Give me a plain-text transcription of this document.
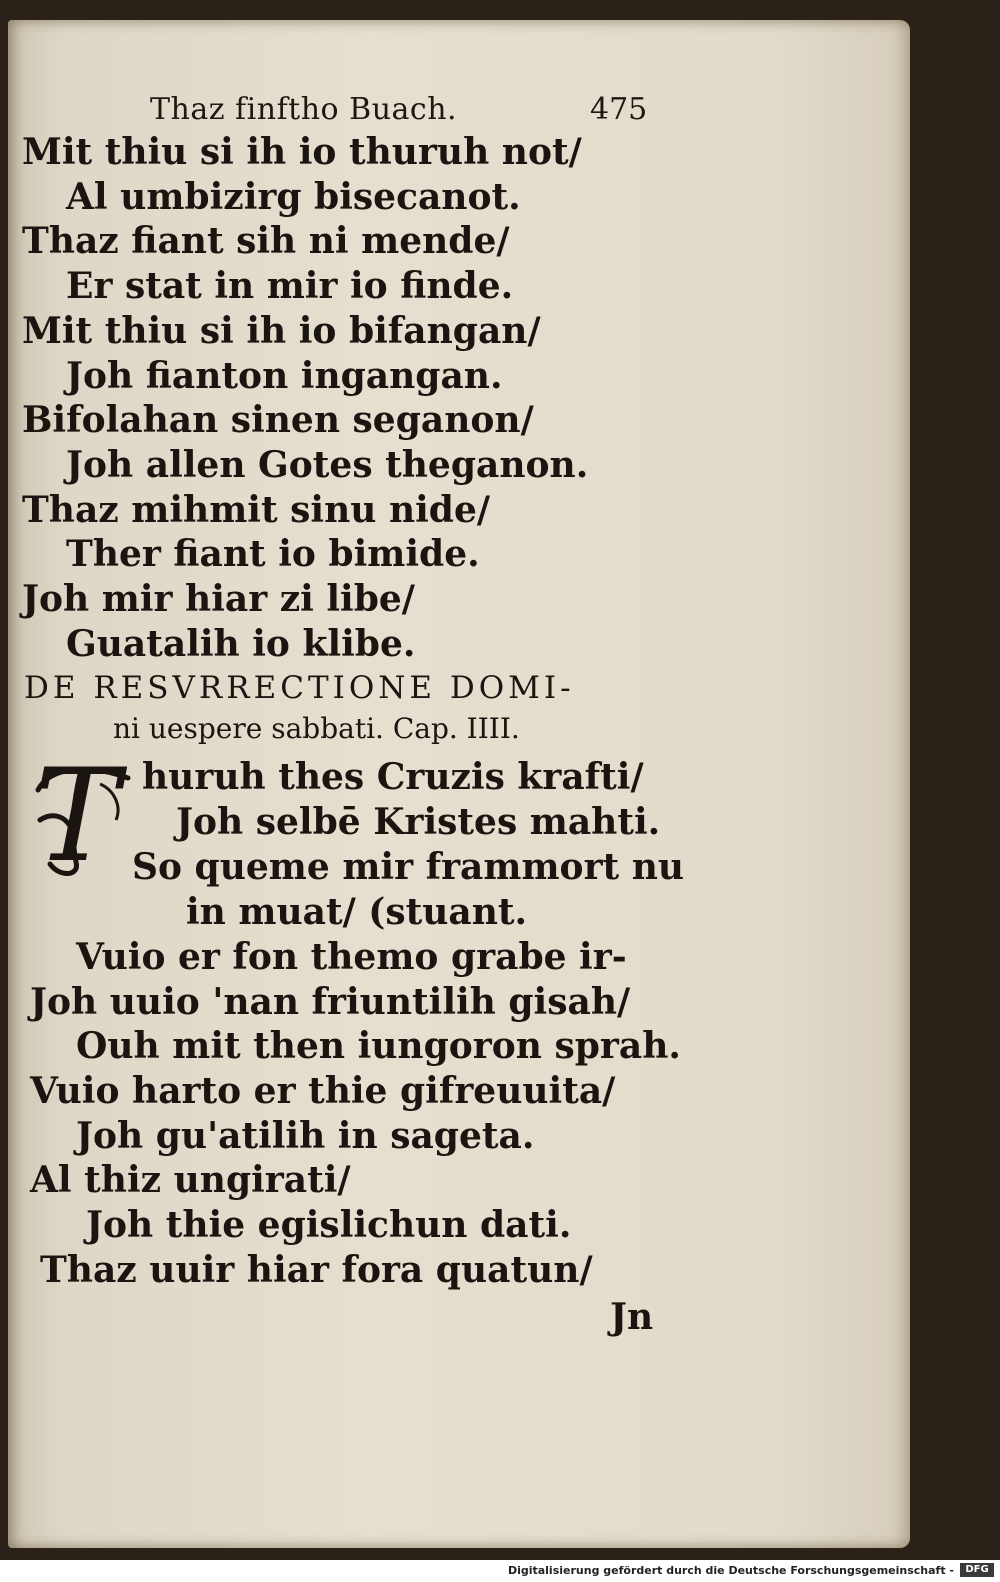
Thaz finftho Buach.	475
Mit thiu si ih io thuruh not/
Al umbizirg bisecanot.
Thaz fiant sih ni mende/
Er stat in mir io finde.
Mit thiu si ih io bifangan/
Joh fianton ingangan.
Bifolahan sinen seganon/
Joh allen Gotes theganon.
Thaz mihmit sinu nide/
Ther fiant io bimide.
Joh mir hiar zi libe/
Guatalih io klibe.
DE RESVRRECTIONE DOMI-
ni uespere sabbati. Cap. IIII.
T huruh thes Cruzis krafti/
Joh selbē Kristes mahti.
So queme mir frammort nu
in muat/ (stuant.
Vuio er fon themo grabe ir-
Joh uuio 'nan friuntilih gisah/
Ouh mit then iungoron sprah.
Vuio harto er thie gifreuuita/
Joh gu'atilih in sageta.
Al thiz ungirati/
Joh thie egislichun dati.
Thaz uuir hiar fora quatun/
Jn
Digitalisierung gefördert durch die Deutsche Forschungsgemeinschaft -	DFG
